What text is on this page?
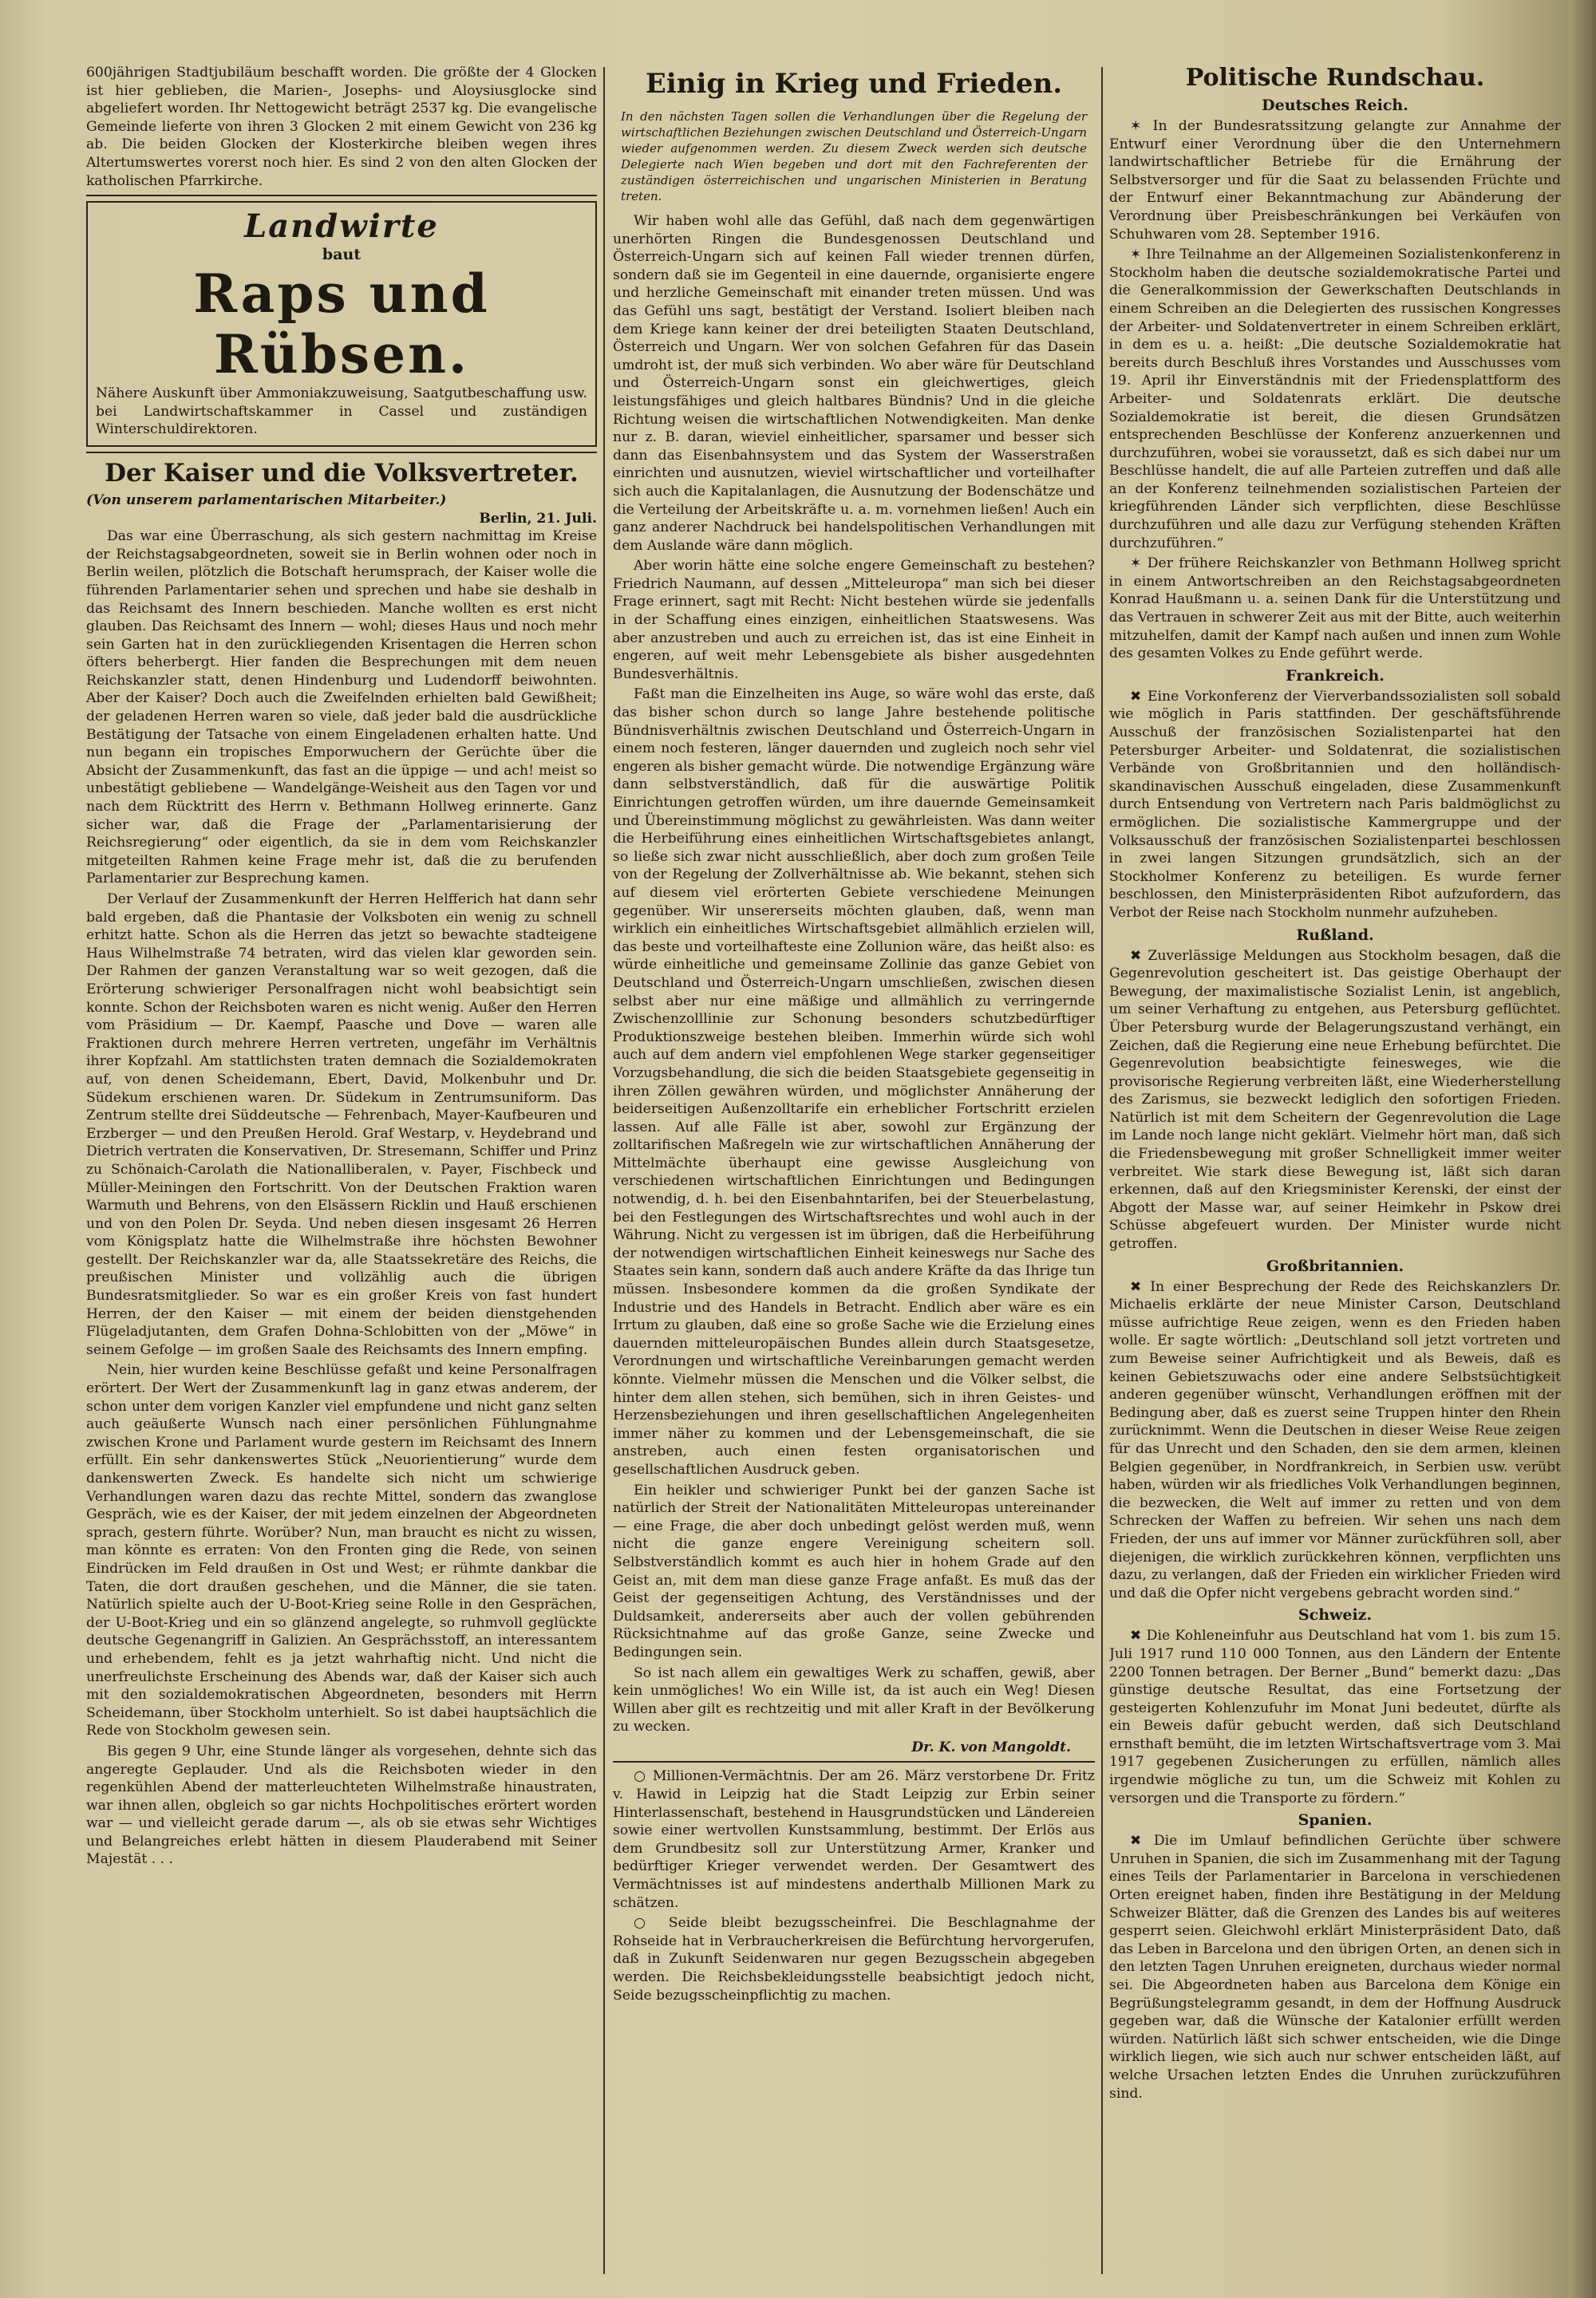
600jährigen Stadtjubiläum beschafft worden. Die größte der 4 Glocken ist hier geblieben, die Marien-, Josephs- und Aloysiusglocke sind abgeliefert worden. Ihr Nettogewicht beträgt 2537 kg. Die evangelische Gemeinde lieferte von ihren 3 Glocken 2 mit einem Gewicht von 236 kg ab. Die beiden Glocken der Klosterkirche bleiben wegen ihres Altertumswertes vorerst noch hier. Es sind 2 von den alten Glocken der katholischen Pfarrkirche.

Landwirte
baut
Raps und Rübsen.
Nähere Auskunft über Ammoniakzuweisung, Saatgutbeschaffung usw. bei Landwirtschaftskammer in Cassel und zuständigen Winterschuldirektoren.
Der Kaiser und die Volksvertreter.
(Von unserem parlamentarischen Mitarbeiter.)
Berlin, 21. Juli.

Das war eine Überraschung, als sich gestern nachmittag im Kreise der Reichstagsabgeordneten, soweit sie in Berlin wohnen oder noch in Berlin weilen, plötzlich die Botschaft herumsprach, der Kaiser wolle die führenden Parlamentarier sehen und sprechen und habe sie deshalb in das Reichsamt des Innern beschieden. Manche wollten es erst nicht glauben. Das Reichsamt des Innern — wohl; dieses Haus und noch mehr sein Garten hat in den zurückliegenden Krisentagen die Herren schon öfters beherbergt. Hier fanden die Besprechungen mit dem neuen Reichskanzler statt, denen Hindenburg und Ludendorff beiwohnten. Aber der Kaiser? Doch auch die Zweifelnden erhielten bald Gewißheit; der geladenen Herren waren so viele, daß jeder bald die ausdrückliche Bestätigung der Tatsache von einem Eingeladenen erhalten hatte. Und nun begann ein tropisches Emporwuchern der Gerüchte über die Absicht der Zusammenkunft, das fast an die üppige — und ach! meist so unbestätigt gebliebene — Wandelgänge-Weisheit aus den Tagen vor und nach dem Rücktritt des Herrn v. Bethmann Hollweg erinnerte. Ganz sicher war, daß die Frage der „Parlamentarisierung der Reichsregierung“ oder eigentlich, da sie in dem vom Reichskanzler mitgeteilten Rahmen keine Frage mehr ist, daß die zu berufenden Parlamentarier zur Besprechung kamen.

Der Verlauf der Zusammenkunft der Herren Helfferich hat dann sehr bald ergeben, daß die Phantasie der Volksboten ein wenig zu schnell erhitzt hatte. Schon als die Herren das jetzt so bewachte stadteigene Haus Wilhelmstraße 74 betraten, wird das vielen klar geworden sein. Der Rahmen der ganzen Veranstaltung war so weit gezogen, daß die Erörterung schwieriger Personalfragen nicht wohl beabsichtigt sein konnte. Schon der Reichsboten waren es nicht wenig. Außer den Herren vom Präsidium — Dr. Kaempf, Paasche und Dove — waren alle Fraktionen durch mehrere Herren vertreten, ungefähr im Verhältnis ihrer Kopfzahl. Am stattlichsten traten demnach die Sozialdemokraten auf, von denen Scheidemann, Ebert, David, Molkenbuhr und Dr. Südekum erschienen waren. Dr. Südekum in Zentrumsuniform. Das Zentrum stellte drei Süddeutsche — Fehrenbach, Mayer-Kaufbeuren und Erzberger — und den Preußen Herold. Graf Westarp, v. Heydebrand und Dietrich vertraten die Konservativen, Dr. Stresemann, Schiffer und Prinz zu Schönaich-Carolath die Nationalliberalen, v. Payer, Fischbeck und Müller-Meiningen den Fortschritt. Von der Deutschen Fraktion waren Warmuth und Behrens, von den Elsässern Ricklin und Hauß erschienen und von den Polen Dr. Seyda. Und neben diesen insgesamt 26 Herren vom Königsplatz hatte die Wilhelmstraße ihre höchsten Bewohner gestellt. Der Reichskanzler war da, alle Staatssekretäre des Reichs, die preußischen Minister und vollzählig auch die übrigen Bundesratsmitglieder. So war es ein großer Kreis von fast hundert Herren, der den Kaiser — mit einem der beiden dienstgehenden Flügeladjutanten, dem Grafen Dohna-Schlobitten von der „Möwe“ in seinem Gefolge — im großen Saale des Reichsamts des Innern empfing.

Nein, hier wurden keine Beschlüsse gefaßt und keine Personalfragen erörtert. Der Wert der Zusammenkunft lag in ganz etwas anderem, der schon unter dem vorigen Kanzler viel empfundene und nicht ganz selten auch geäußerte Wunsch nach einer persönlichen Fühlungnahme zwischen Krone und Parlament wurde gestern im Reichsamt des Innern erfüllt. Ein sehr dankenswertes Stück „Neuorientierung“ wurde dem dankenswerten Zweck. Es handelte sich nicht um schwierige Verhandlungen waren dazu das rechte Mittel, sondern das zwanglose Gespräch, wie es der Kaiser, der mit jedem einzelnen der Abgeordneten sprach, gestern führte. Worüber? Nun, man braucht es nicht zu wissen, man könnte es erraten: Von den Fronten ging die Rede, von seinen Eindrücken im Feld draußen in Ost und West; er rühmte dankbar die Taten, die dort draußen geschehen, und die Männer, die sie taten. Natürlich spielte auch der U-Boot-Krieg seine Rolle in den Gesprächen, der U-Boot-Krieg und ein so glänzend angelegte, so ruhmvoll geglückte deutsche Gegenangriff in Galizien. An Gesprächsstoff, an interessantem und erhebendem, fehlt es ja jetzt wahrhaftig nicht. Und nicht die unerfreulichste Erscheinung des Abends war, daß der Kaiser sich auch mit den sozialdemokratischen Abgeordneten, besonders mit Herrn Scheidemann, über Stockholm unterhielt. So ist dabei hauptsächlich die Rede von Stockholm gewesen sein.

Bis gegen 9 Uhr, eine Stunde länger als vorgesehen, dehnte sich das angeregte Geplauder. Und als die Reichsboten wieder in den regenkühlen Abend der matterleuchteten Wilhelmstraße hinaustraten, war ihnen allen, obgleich so gar nichts Hochpolitisches erörtert worden war — und vielleicht gerade darum —, als ob sie etwas sehr Wichtiges und Belangreiches erlebt hätten in diesem Plauderabend mit Seiner Majestät . . .

Einig in Krieg und Frieden.
In den nächsten Tagen sollen die Verhandlungen über die Regelung der wirtschaftlichen Beziehungen zwischen Deutschland und Österreich-Ungarn wieder aufgenommen werden. Zu diesem Zweck werden sich deutsche Delegierte nach Wien begeben und dort mit den Fachreferenten der zuständigen österreichischen und ungarischen Ministerien in Beratung treten.

Wir haben wohl alle das Gefühl, daß nach dem gegenwärtigen unerhörten Ringen die Bundesgenossen Deutschland und Österreich-Ungarn sich auf keinen Fall wieder trennen dürfen, sondern daß sie im Gegenteil in eine dauernde, organisierte engere und herzliche Gemeinschaft mit einander treten müssen. Und was das Gefühl uns sagt, bestätigt der Verstand. Isoliert bleiben nach dem Kriege kann keiner der drei beteiligten Staaten Deutschland, Österreich und Ungarn. Wer von solchen Gefahren für das Dasein umdroht ist, der muß sich verbinden. Wo aber wäre für Deutschland und Österreich-Ungarn sonst ein gleichwertiges, gleich leistungsfähiges und gleich haltbares Bündnis? Und in die gleiche Richtung weisen die wirtschaftlichen Notwendigkeiten. Man denke nur z. B. daran, wieviel einheitlicher, sparsamer und besser sich dann das Eisenbahnsystem und das System der Wasserstraßen einrichten und ausnutzen, wieviel wirtschaftlicher und vorteilhafter sich auch die Kapitalanlagen, die Ausnutzung der Bodenschätze und die Verteilung der Arbeitskräfte u. a. m. vornehmen ließen! Auch ein ganz anderer Nachdruck bei handelspolitischen Verhandlungen mit dem Auslande wäre dann möglich.

Aber worin hätte eine solche engere Gemeinschaft zu bestehen? Friedrich Naumann, auf dessen „Mitteleuropa“ man sich bei dieser Frage erinnert, sagt mit Recht: Nicht bestehen würde sie jedenfalls in der Schaffung eines einzigen, einheitlichen Staatswesens. Was aber anzustreben und auch zu erreichen ist, das ist eine Einheit in engeren, auf weit mehr Lebensgebiete als bisher ausgedehnten Bundesverhältnis.

Faßt man die Einzelheiten ins Auge, so wäre wohl das erste, daß das bisher schon durch so lange Jahre bestehende politische Bündnisverhältnis zwischen Deutschland und Österreich-Ungarn in einem noch festeren, länger dauernden und zugleich noch sehr viel engeren als bisher gemacht würde. Die notwendige Ergänzung wäre dann selbstverständlich, daß für die auswärtige Politik Einrichtungen getroffen würden, um ihre dauernde Gemeinsamkeit und Übereinstimmung möglichst zu gewährleisten. Was dann weiter die Herbeiführung eines einheitlichen Wirtschaftsgebietes anlangt, so ließe sich zwar nicht ausschließlich, aber doch zum großen Teile von der Regelung der Zollverhältnisse ab. Wie bekannt, stehen sich auf diesem viel erörterten Gebiete verschiedene Meinungen gegenüber. Wir unsererseits möchten glauben, daß, wenn man wirklich ein einheitliches Wirtschaftsgebiet allmählich erzielen will, das beste und vorteilhafteste eine Zollunion wäre, das heißt also: es würde einheitliche und gemeinsame Zollinie das ganze Gebiet von Deutschland und Österreich-Ungarn umschließen, zwischen diesen selbst aber nur eine mäßige und allmählich zu verringernde Zwischenzolllinie zur Schonung besonders schutzbedürftiger Produktionszweige bestehen bleiben. Immerhin würde sich wohl auch auf dem andern viel empfohlenen Wege starker gegenseitiger Vorzugsbehandlung, die sich die beiden Staatsgebiete gegenseitig in ihren Zöllen gewähren würden, und möglichster Annäherung der beiderseitigen Außenzolltarife ein erheblicher Fortschritt erzielen lassen. Auf alle Fälle ist aber, sowohl zur Ergänzung der zolltarifischen Maßregeln wie zur wirtschaftlichen Annäherung der Mittelmächte überhaupt eine gewisse Ausgleichung von verschiedenen wirtschaftlichen Einrichtungen und Bedingungen notwendig, d. h. bei den Eisenbahntarifen, bei der Steuerbelastung, bei den Festlegungen des Wirtschaftsrechtes und wohl auch in der Währung. Nicht zu vergessen ist im übrigen, daß die Herbeiführung der notwendigen wirtschaftlichen Einheit keineswegs nur Sache des Staates sein kann, sondern daß auch andere Kräfte da das Ihrige tun müssen. Insbesondere kommen da die großen Syndikate der Industrie und des Handels in Betracht. Endlich aber wäre es ein Irrtum zu glauben, daß eine so große Sache wie die Erzielung eines dauernden mitteleuropäischen Bundes allein durch Staatsgesetze, Verordnungen und wirtschaftliche Vereinbarungen gemacht werden könnte. Vielmehr müssen die Menschen und die Völker selbst, die hinter dem allen stehen, sich bemühen, sich in ihren Geistes- und Herzensbeziehungen und ihren gesellschaftlichen Angelegenheiten immer näher zu kommen und der Lebensgemeinschaft, die sie anstreben, auch einen festen organisatorischen und gesellschaftlichen Ausdruck geben.

Ein heikler und schwieriger Punkt bei der ganzen Sache ist natürlich der Streit der Nationalitäten Mitteleuropas untereinander — eine Frage, die aber doch unbedingt gelöst werden muß, wenn nicht die ganze engere Vereinigung scheitern soll. Selbstverständlich kommt es auch hier in hohem Grade auf den Geist an, mit dem man diese ganze Frage anfaßt. Es muß das der Geist der gegenseitigen Achtung, des Verständnisses und der Duldsamkeit, andererseits aber auch der vollen gebührenden Rücksichtnahme auf das große Ganze, seine Zwecke und Bedingungen sein.

So ist nach allem ein gewaltiges Werk zu schaffen, gewiß, aber kein unmögliches! Wo ein Wille ist, da ist auch ein Weg! Diesen Willen aber gilt es rechtzeitig und mit aller Kraft in der Bevölkerung zu wecken.

Dr. K. von Mangoldt.

○ Millionen-Vermächtnis. Der am 26. März verstorbene Dr. Fritz v. Hawid in Leipzig hat die Stadt Leipzig zur Erbin seiner Hinterlassenschaft, bestehend in Hausgrundstücken und Ländereien sowie einer wertvollen Kunstsammlung, bestimmt. Der Erlös aus dem Grundbesitz soll zur Unterstützung Armer, Kranker und bedürftiger Krieger verwendet werden. Der Gesamtwert des Vermächtnisses ist auf mindestens anderthalb Millionen Mark zu schätzen.

○ Seide bleibt bezugsscheinfrei. Die Beschlagnahme der Rohseide hat in Verbraucherkreisen die Befürchtung hervorgerufen, daß in Zukunft Seidenwaren nur gegen Bezugsschein abgegeben werden. Die Reichsbekleidungsstelle beabsichtigt jedoch nicht, Seide bezugsscheinpflichtig zu machen.

Politische Rundschau.
Deutsches Reich.

✶ In der Bundesratssitzung gelangte zur Annahme der Entwurf einer Verordnung über die den Unternehmern landwirtschaftlicher Betriebe für die Ernährung der Selbstversorger und für die Saat zu belassenden Früchte und der Entwurf einer Bekanntmachung zur Abänderung der Verordnung über Preisbeschränkungen bei Verkäufen von Schuhwaren vom 28. September 1916.

✶ Ihre Teilnahme an der Allgemeinen Sozialistenkonferenz in Stockholm haben die deutsche sozialdemokratische Partei und die Generalkommission der Gewerkschaften Deutschlands in einem Schreiben an die Delegierten des russischen Kongresses der Arbeiter- und Soldatenvertreter in einem Schreiben erklärt, in dem es u. a. heißt: „Die deutsche Sozialdemokratie hat bereits durch Beschluß ihres Vorstandes und Ausschusses vom 19. April ihr Einverständnis mit der Friedensplattform des Arbeiter- und Soldatenrats erklärt. Die deutsche Sozialdemokratie ist bereit, die diesen Grundsätzen entsprechenden Beschlüsse der Konferenz anzuerkennen und durchzuführen, wobei sie voraussetzt, daß es sich dabei nur um Beschlüsse handelt, die auf alle Parteien zutreffen und daß alle an der Konferenz teilnehmenden sozialistischen Parteien der kriegführenden Länder sich verpflichten, diese Beschlüsse durchzuführen und alle dazu zur Verfügung stehenden Kräften durchzuführen.“

✶ Der frühere Reichskanzler von Bethmann Hollweg spricht in einem Antwortschreiben an den Reichstagsabgeordneten Konrad Haußmann u. a. seinen Dank für die Unterstützung und das Vertrauen in schwerer Zeit aus mit der Bitte, auch weiterhin mitzuhelfen, damit der Kampf nach außen und innen zum Wohle des gesamten Volkes zu Ende geführt werde.

Frankreich.

✖ Eine Vorkonferenz der Vierverbandssozialisten soll sobald wie möglich in Paris stattfinden. Der geschäftsführende Ausschuß der französischen Sozialistenpartei hat den Petersburger Arbeiter- und Soldatenrat, die sozialistischen Verbände von Großbritannien und den holländisch-skandinavischen Ausschuß eingeladen, diese Zusammenkunft durch Entsendung von Vertretern nach Paris baldmöglichst zu ermöglichen. Die sozialistische Kammergruppe und der Volksausschuß der französischen Sozialistenpartei beschlossen in zwei langen Sitzungen grundsätzlich, sich an der Stockholmer Konferenz zu beteiligen. Es wurde ferner beschlossen, den Ministerpräsidenten Ribot aufzufordern, das Verbot der Reise nach Stockholm nunmehr aufzuheben.

Rußland.

✖ Zuverlässige Meldungen aus Stockholm besagen, daß die Gegenrevolution gescheitert ist. Das geistige Oberhaupt der Bewegung, der maximalistische Sozialist Lenin, ist angeblich, um seiner Verhaftung zu entgehen, aus Petersburg geflüchtet. Über Petersburg wurde der Belagerungszustand verhängt, ein Zeichen, daß die Regierung eine neue Erhebung befürchtet. Die Gegenrevolution beabsichtigte feinesweges, wie die provisorische Regierung verbreiten läßt, eine Wiederherstellung des Zarismus, sie bezweckt lediglich den sofortigen Frieden. Natürlich ist mit dem Scheitern der Gegenrevolution die Lage im Lande noch lange nicht geklärt. Vielmehr hört man, daß sich die Friedensbewegung mit großer Schnelligkeit immer weiter verbreitet. Wie stark diese Bewegung ist, läßt sich daran erkennen, daß auf den Kriegsminister Kerenski, der einst der Abgott der Masse war, auf seiner Heimkehr in Pskow drei Schüsse abgefeuert wurden. Der Minister wurde nicht getroffen.

Großbritannien.

✖ In einer Besprechung der Rede des Reichskanzlers Dr. Michaelis erklärte der neue Minister Carson, Deutschland müsse aufrichtige Reue zeigen, wenn es den Frieden haben wolle. Er sagte wörtlich: „Deutschland soll jetzt vortreten und zum Beweise seiner Aufrichtigkeit und als Beweis, daß es keinen Gebietszuwachs oder eine andere Selbstsüchtigkeit anderen gegenüber wünscht, Verhandlungen eröffnen mit der Bedingung aber, daß es zuerst seine Truppen hinter den Rhein zurücknimmt. Wenn die Deutschen in dieser Weise Reue zeigen für das Unrecht und den Schaden, den sie dem armen, kleinen Belgien gegenüber, in Nordfrankreich, in Serbien usw. verübt haben, würden wir als friedliches Volk Verhandlungen beginnen, die bezwecken, die Welt auf immer zu retten und von dem Schrecken der Waffen zu befreien. Wir sehen uns nach dem Frieden, der uns auf immer vor Männer zurückführen soll, aber diejenigen, die wirklich zurückkehren können, verpflichten uns dazu, zu verlangen, daß der Frieden ein wirklicher Frieden wird und daß die Opfer nicht vergebens gebracht worden sind.“

Schweiz.

✖ Die Kohleneinfuhr aus Deutschland hat vom 1. bis zum 15. Juli 1917 rund 110 000 Tonnen, aus den Ländern der Entente 2200 Tonnen betragen. Der Berner „Bund“ bemerkt dazu: „Das günstige deutsche Resultat, das eine Fortsetzung der gesteigerten Kohlenzufuhr im Monat Juni bedeutet, dürfte als ein Beweis dafür gebucht werden, daß sich Deutschland ernsthaft bemüht, die im letzten Wirtschaftsvertrage vom 3. Mai 1917 gegebenen Zusicherungen zu erfüllen, nämlich alles irgendwie mögliche zu tun, um die Schweiz mit Kohlen zu versorgen und die Transporte zu fördern.“

Spanien.

✖ Die im Umlauf befindlichen Gerüchte über schwere Unruhen in Spanien, die sich im Zusammenhang mit der Tagung eines Teils der Parlamentarier in Barcelona in verschiedenen Orten ereignet haben, finden ihre Bestätigung in der Meldung Schweizer Blätter, daß die Grenzen des Landes bis auf weiteres gesperrt seien. Gleichwohl erklärt Ministerpräsident Dato, daß das Leben in Barcelona und den übrigen Orten, an denen sich in den letzten Tagen Unruhen ereigneten, durchaus wieder normal sei. Die Abgeordneten haben aus Barcelona dem Könige ein Begrüßungstelegramm gesandt, in dem der Hoffnung Ausdruck gegeben war, daß die Wünsche der Katalonier erfüllt werden würden. Natürlich läßt sich schwer entscheiden, wie die Dinge wirklich liegen, wie sich auch nur schwer entscheiden läßt, auf welche Ursachen letzten Endes die Unruhen zurückzuführen sind.
